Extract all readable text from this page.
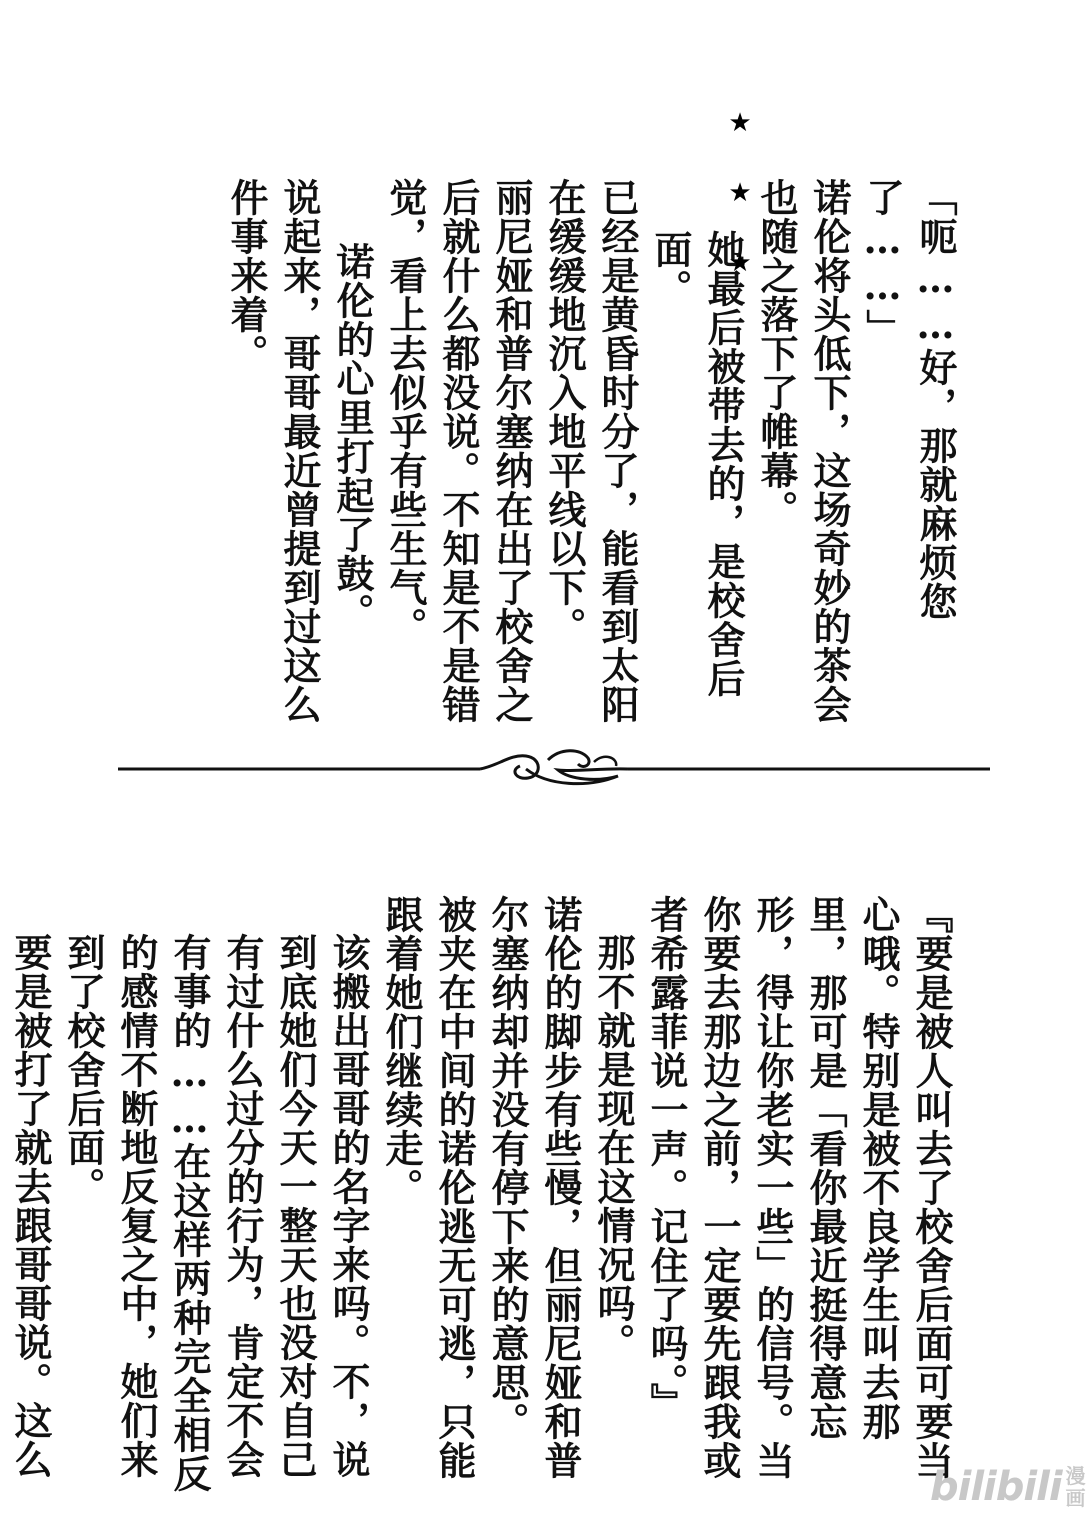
「呃……好，那就麻烦您了……」

诺伦将头低下，这场奇妙的茶会也随之落下了帷幕。

她最后被带去的，是校舍后面。

已经是黄昏时分了，能看到太阳在缓缓地沉入地平线以下。

丽尼娅和普尔塞纳在出了校舍之后就什么都没说。不知是不是错觉，看上去似乎有些生气。

诺伦的心里打起了鼓。

说起来，哥哥最近曾提到过这么件事来着。	★★★

『要是被人叫去了校舍后面可要当心哦。特别是被不良学生叫去那里，那可是「看你最近挺得意忘形，得让你老实一些」的信号。当你要去那边之前，一定要先跟我或者希露菲说一声。记住了吗。』

那不就是现在这情况吗。

诺伦的脚步有些慢，但丽尼娅和普尔塞纳却并没有停下来的意思。

被夹在中间的诺伦逃无可逃，只能跟着她们继续走。

该搬出哥哥的名字来吗。不，说到底她们今天一整天也没对自己有过什么过分的行为，肯定不会有事的……在这样两种完全相反的感情不断地反复之中，她们来到了校舍后面。

要是被打了就去跟哥哥说。这么

bilibili 漫画
